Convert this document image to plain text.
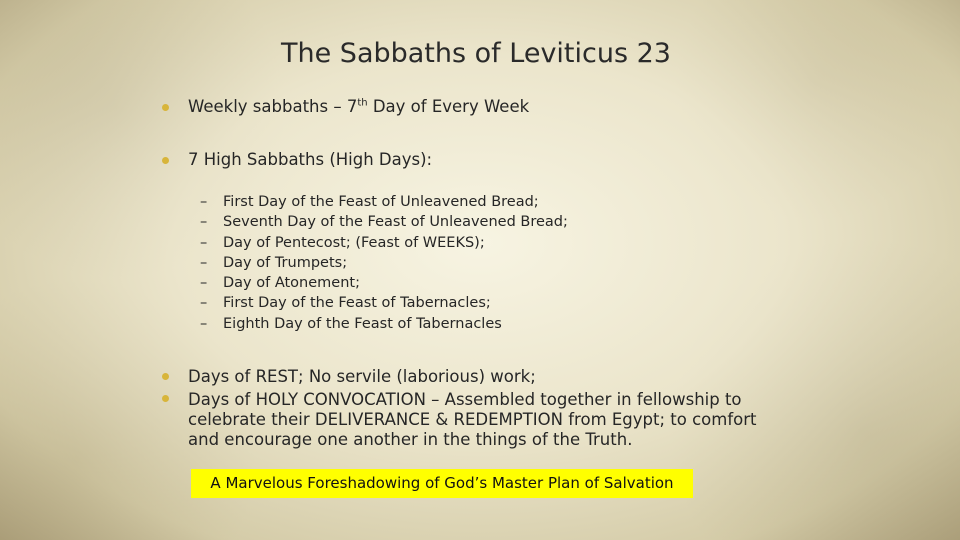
The Sabbaths of Leviticus 23
Weekly sabbaths – 7th Day of Every Week
7 High Sabbaths (High Days):
–	First Day of the Feast of Unleavened Bread;
–	Seventh Day of the Feast of Unleavened Bread;
–	Day of Pentecost; (Feast of WEEKS);
–	Day of Trumpets;
–	Day of Atonement;
–	First Day of the Feast of Tabernacles;
–	Eighth Day of the Feast of Tabernacles
Days of REST; No servile (laborious) work;
Days of HOLY CONVOCATION – Assembled together in fellowship to celebrate their DELIVERANCE & REDEMPTION from Egypt; to comfort and encourage one another in the things of the Truth.
A Marvelous Foreshadowing of God’s Master Plan of Salvation
